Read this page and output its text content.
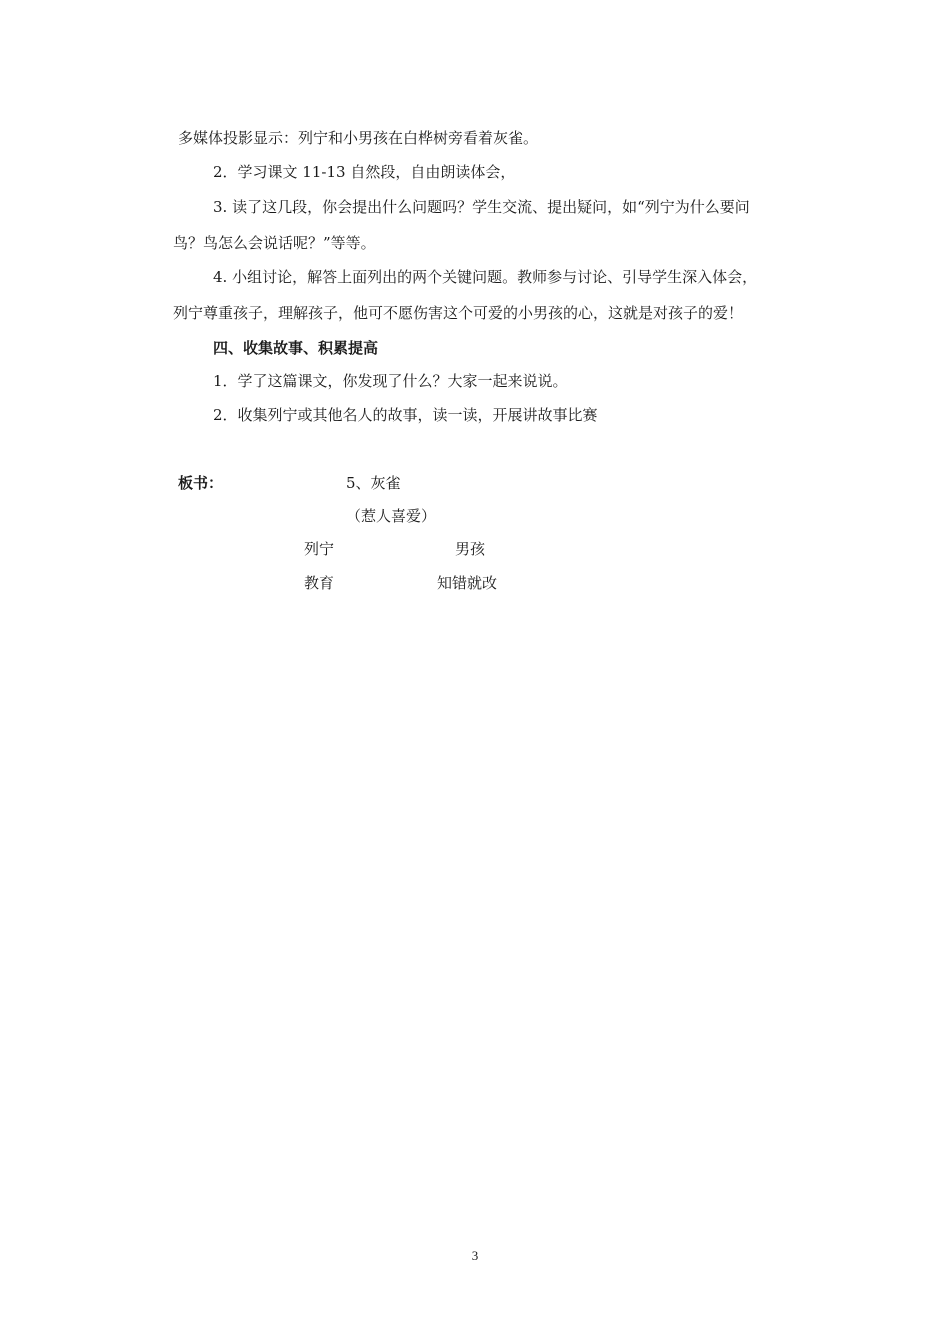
多媒体投影显示：列宁和小男孩在白桦树旁看着灰雀。
2．学习课文 11-13 自然段，自由朗读体会，
3. 读了这几段，你会提出什么问题吗？学生交流、提出疑问，如“列宁为什么要问
鸟？鸟怎么会说话呢？”等等。
4. 小组讨论，解答上面列出的两个关键问题。教师参与讨论、引导学生深入体会，
列宁尊重孩子，理解孩子，他可不愿伤害这个可爱的小男孩的心，这就是对孩子的爱！
四、收集故事、积累提高
1．学了这篇课文，你发现了什么？大家一起来说说。
2．收集列宁或其他名人的故事，读一读，开展讲故事比赛
板书：	5、灰雀
（惹人喜爱）
列宁	男孩
教育	知错就改
3
